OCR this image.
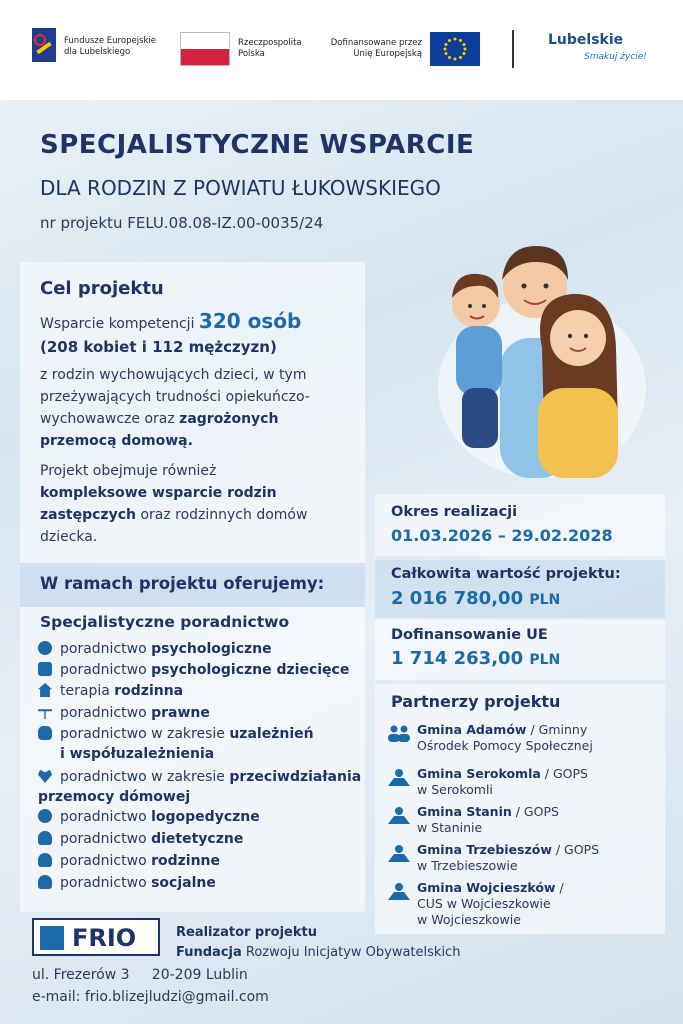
Fundusze Europejskie
dla Lubelskiego
Rzeczpospolita
Polska
Dofinansowane przez
Unię Europejską
Lubelskie
Smakuj życie!
SPECJALISTYCZNE WSPARCIE
DLA RODZIN Z POWIATU ŁUKOWSKIEGO
nr projektu FELU.08.08-IZ.00-0035/24
Cel projektu
Wsparcie kompetencji 320 osób
(208 kobiet i 112 mężczyzn)
z rodzin wychowujących dzieci, w tym
przeżywających trudności opiekuńczo-
wychowawcze oraz zagrożonych
przemocą domową.
Projekt obejmuje również
kompleksowe wsparcie rodzin
zastępczych oraz rodzinnych domów
dziecka.
W ramach projektu oferujemy:
Specjalistyczne poradnictwo
poradnictwo psychologiczne
poradnictwo psychologiczne dziecięce
terapia rodzinna
poradnictwo prawne
poradnictwo w zakresie uzależnień
i współuzależnienia
poradnictwo w zakresie przeciwdziałania
przemocy dómowej
poradnictwo logopedyczne
poradnictwo dietetyczne
poradnictwo rodzinne
poradnictwo socjalne
Okres realizacji
01.03.2026 – 29.02.2028
Całkowita wartość projektu:
2 016 780,00 PLN
Dofinansowanie UE
1 714 263,00 PLN
Partnerzy projektu
Gmina Adamów / Gminny
Ośrodek Pomocy Społecznej
Gmina Serokomla / GOPS
w Serokomli
Gmina Stanin / GOPS
w Staninie
Gmina Trzebieszów / GOPS
w Trzebieszowie
Gmina Wojcieszków /
CUS w Wojcieszkowie
w Wojcieszkowie
FRIO	Realizator projektu
Fundacja Rozwoju Inicjatyw Obywatelskich
ul. Frezerów 3     20-209 Lublin
e-mail: frio.blizejludzi@gmail.com
